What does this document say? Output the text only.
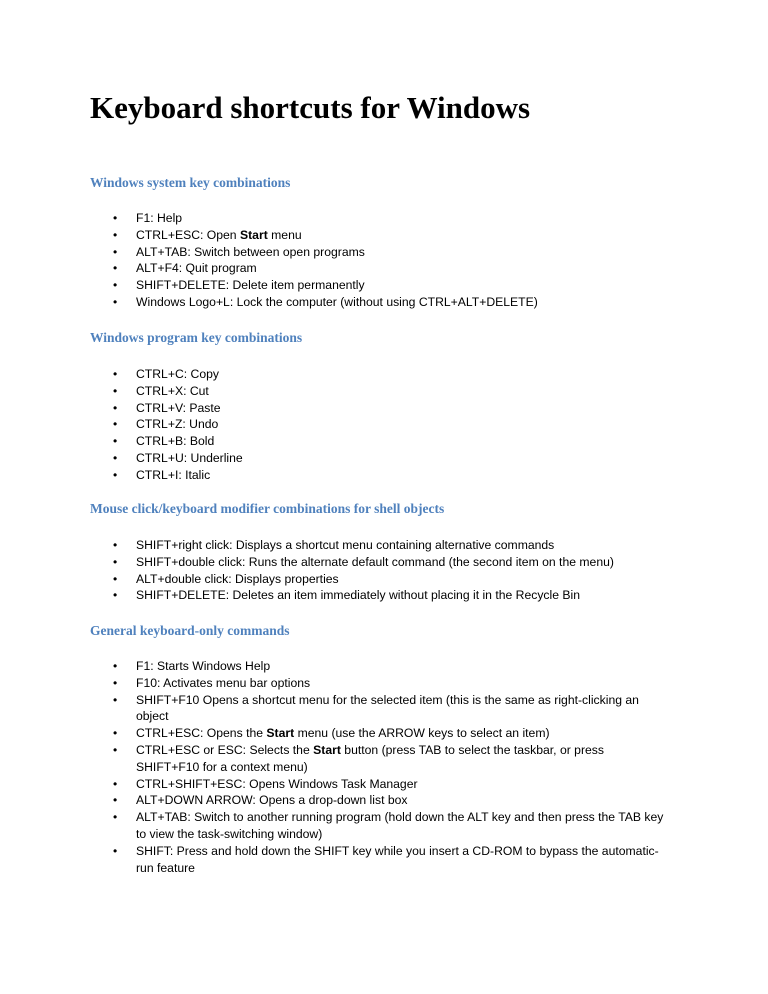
Keyboard shortcuts for Windows
Windows system key combinations
• F1: Help
• CTRL+ESC: Open Start menu
• ALT+TAB: Switch between open programs
• ALT+F4: Quit program
• SHIFT+DELETE: Delete item permanently
• Windows Logo+L: Lock the computer (without using CTRL+ALT+DELETE)
Windows program key combinations
• CTRL+C: Copy
• CTRL+X: Cut
• CTRL+V: Paste
• CTRL+Z: Undo
• CTRL+B: Bold
• CTRL+U: Underline
• CTRL+I: Italic
Mouse click/keyboard modifier combinations for shell objects
• SHIFT+right click: Displays a shortcut menu containing alternative commands
• SHIFT+double click: Runs the alternate default command (the second item on the menu)
• ALT+double click: Displays properties
• SHIFT+DELETE: Deletes an item immediately without placing it in the Recycle Bin
General keyboard-only commands
• F1: Starts Windows Help
• F10: Activates menu bar options
• SHIFT+F10 Opens a shortcut menu for the selected item (this is the same as right-clicking an object
• CTRL+ESC: Opens the Start menu (use the ARROW keys to select an item)
• CTRL+ESC or ESC: Selects the Start button (press TAB to select the taskbar, or press SHIFT+F10 for a context menu)
• CTRL+SHIFT+ESC: Opens Windows Task Manager
• ALT+DOWN ARROW: Opens a drop-down list box
• ALT+TAB: Switch to another running program (hold down the ALT key and then press the TAB key to view the task-switching window)
• SHIFT: Press and hold down the SHIFT key while you insert a CD-ROM to bypass the automatic-run feature
